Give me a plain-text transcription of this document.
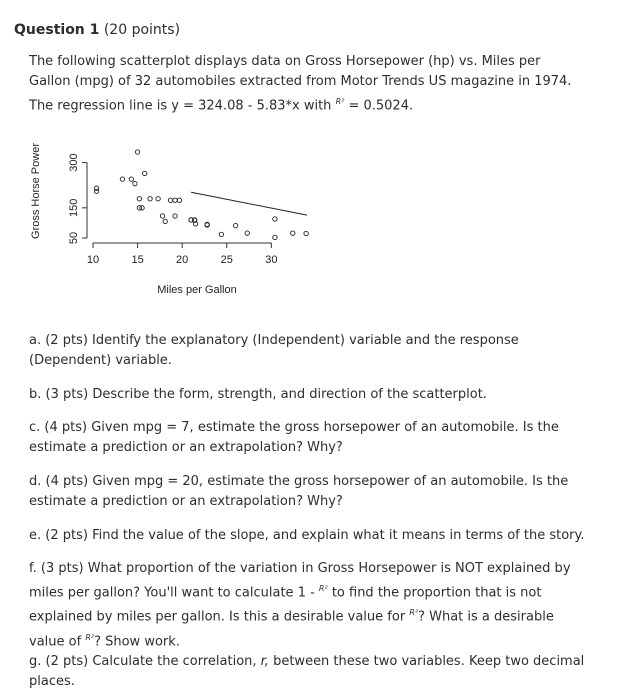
Question 1 (20 points)
The following scatterplot displays data on Gross Horsepower (hp) vs. Miles per
Gallon (mpg) of 32 automobiles extracted from Motor Trends US magazine in 1974.
The regression line is y = 324.08 - 5.83*x with $^{R^2}$ = 0.5024.
10	15	20	25	30
50
150
300
Miles per Gallon
Gross Horse Power
a. (2 pts) Identify the explanatory (Independent) variable and the response
(Dependent) variable.
b. (3 pts) Describe the form, strength, and direction of the scatterplot.
c. (4 pts) Given mpg = 7, estimate the gross horsepower of an automobile. Is the
estimate a prediction or an extrapolation? Why?
d. (4 pts) Given mpg = 20, estimate the gross horsepower of an automobile. Is the
estimate a prediction or an extrapolation? Why?
e. (2 pts) Find the value of the slope, and explain what it means in terms of the story.
f. (3 pts) What proportion of the variation in Gross Horsepower is NOT explained by
miles per gallon? You'll want to calculate 1 - $^{R^2}$ to find the proportion that is not
explained by miles per gallon. Is this a desirable value for $^{R^2}$? What is a desirable
value of $^{R^2}$? Show work.
g. (2 pts) Calculate the correlation, r, between these two variables. Keep two decimal
places.
